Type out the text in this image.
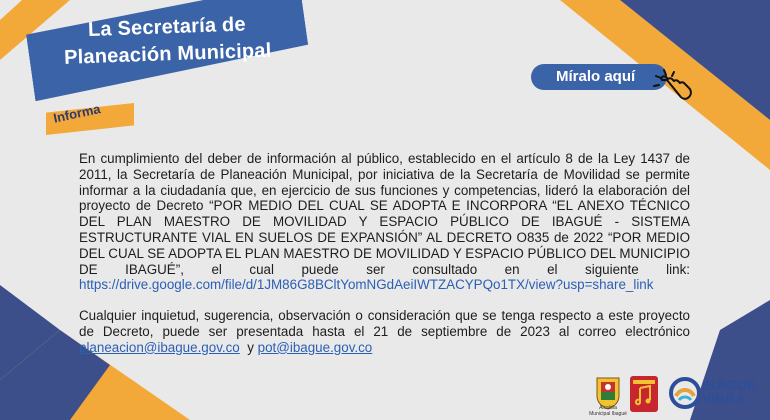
La Secretaría de
Planeación Municipal
Informa
Míralo aquí

En cumplimiento del deber de información al público, establecido en el artículo 8 de la Ley 1437 de 2011, la Secretaría de Planeación Municipal, por iniciativa de la Secretaría de Movilidad se permite informar a la ciudadanía que, en ejercicio de sus funciones y competencias, lideró la elaboración del proyecto de Decreto “POR MEDIO DEL CUAL SE ADOPTA E INCORPORA “EL ANEXO TÉCNICO DEL PLAN MAESTRO DE MOVILIDAD Y ESPACIO PÚBLICO DE IBAGUÉ - SISTEMA ESTRUCTURANTE VIAL EN SUELOS DE EXPANSIÓN” AL DECRETO O835 de 2022 “POR MEDIO DEL CUAL SE ADOPTA EL PLAN MAESTRO DE MOVILIDAD Y ESPACIO PÚBLICO DEL MUNICIPIO DE IBAGUÉ”, el cual puede ser consultado en el siguiente link: https://drive.google.com/file/d/1JM86G8BCltYomNGdAeiIWTZACYPQo1TX/view?usp=share_link

Cualquier inquietud, sugerencia, observación o consideración que se tenga respecto a este proyecto de Decreto, puede ser presentada hasta el 21 de septiembre de 2023 al correo electrónico planeacion@ibague.gov.co y pot@ibague.gov.co

Alcaldía Municipal Ibagué
IBAGUÉ
VIBRA
